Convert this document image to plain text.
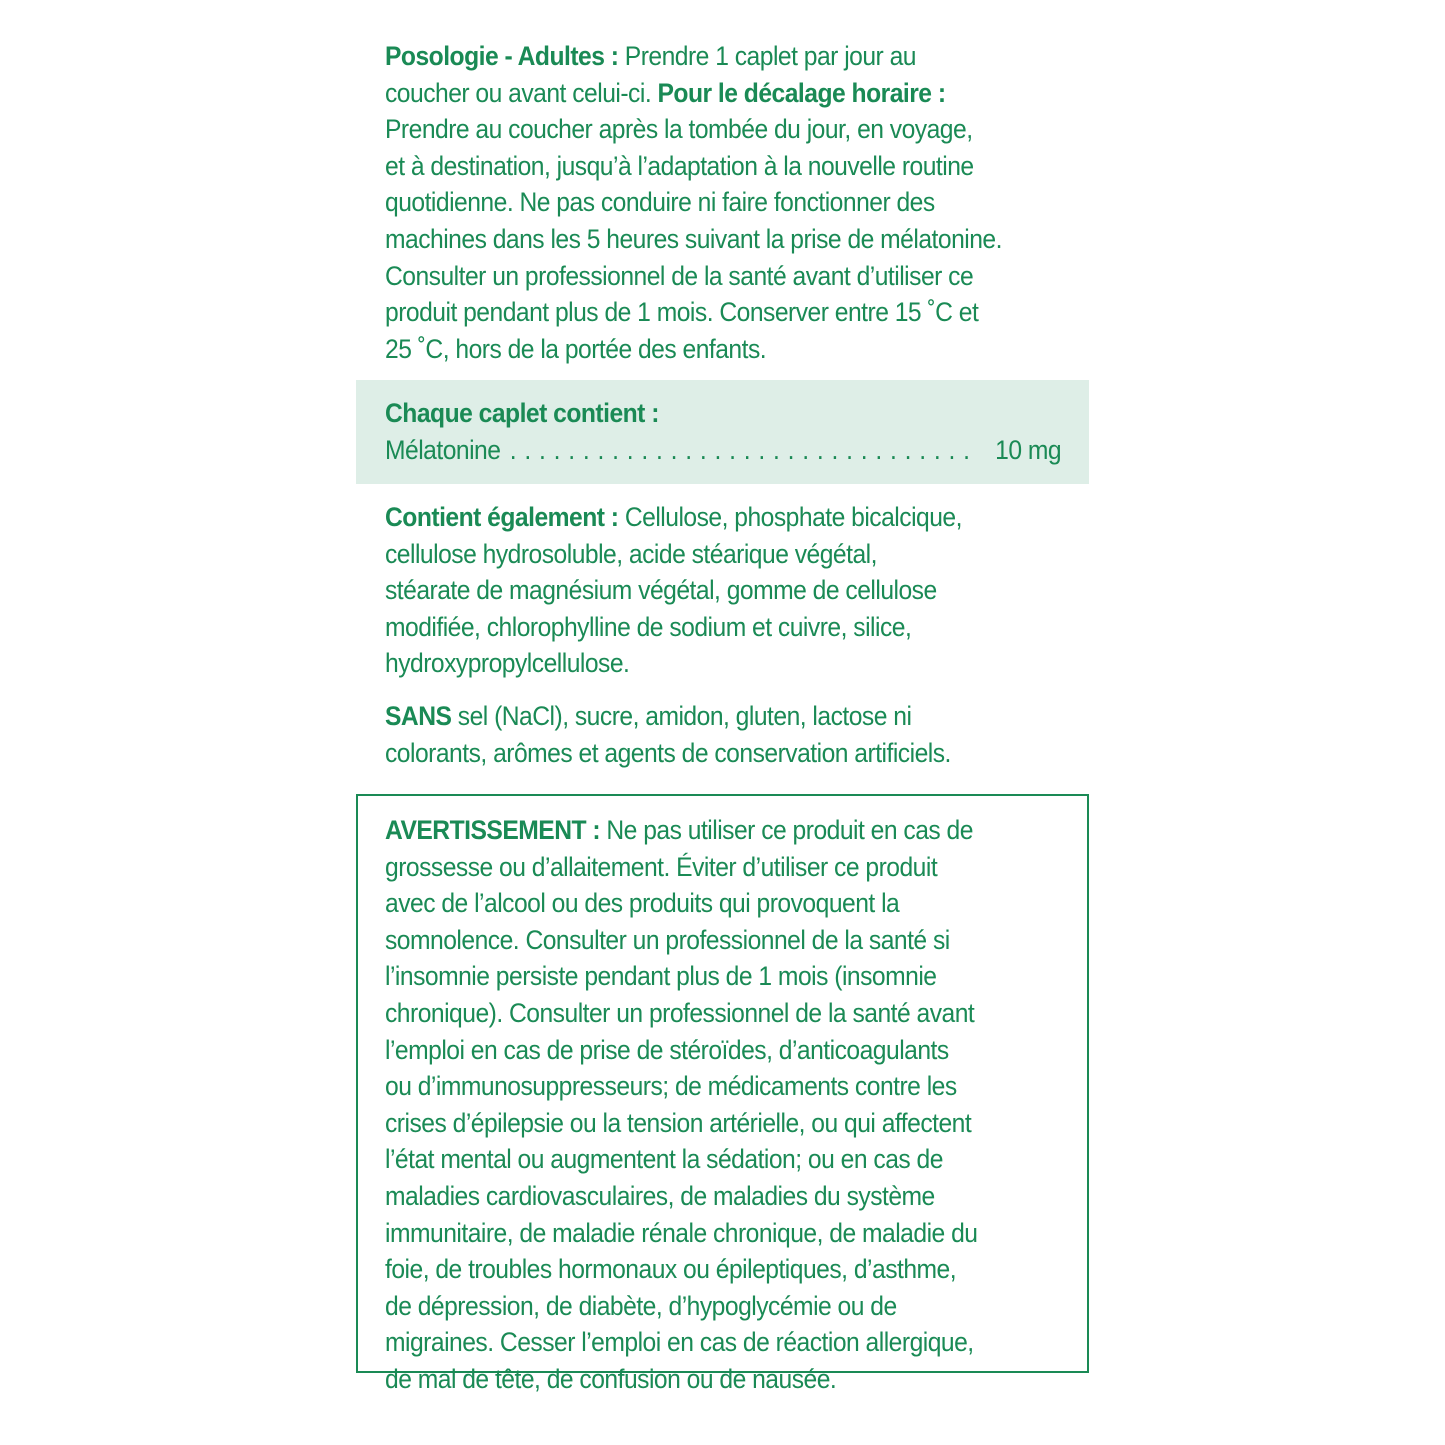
Posologie - Adultes : Prendre 1 caplet par jour au
coucher ou avant celui-ci. Pour le décalage horaire :
Prendre au coucher après la tombée du jour, en voyage,
et à destination, jusqu’à l’adaptation à la nouvelle routine
quotidienne. Ne pas conduire ni faire fonctionner des
machines dans les 5 heures suivant la prise de mélatonine.
Consulter un professionnel de la santé avant d’utiliser ce
produit pendant plus de 1 mois. Conserver entre 15 ˚C et
25 ˚C, hors de la portée des enfants.
Chaque caplet contient :
Mélatonine
. . .	10 mg
Contient également : Cellulose, phosphate bicalcique,
cellulose hydrosoluble, acide stéarique végétal,
stéarate de magnésium végétal, gomme de cellulose
modifiée, chlorophylline de sodium et cuivre, silice,
hydroxypropylcellulose.
SANS sel (NaCl), sucre, amidon, gluten, lactose ni
colorants, arômes et agents de conservation artificiels.
AVERTISSEMENT : Ne pas utiliser ce produit en cas de
grossesse ou d’allaitement. Éviter d’utiliser ce produit
avec de l’alcool ou des produits qui provoquent la
somnolence. Consulter un professionnel de la santé si
l’insomnie persiste pendant plus de 1 mois (insomnie
chronique). Consulter un professionnel de la santé avant
l’emploi en cas de prise de stéroïdes, d’anticoagulants
ou d’immunosuppresseurs; de médicaments contre les
crises d’épilepsie ou la tension artérielle, ou qui affectent
l’état mental ou augmentent la sédation; ou en cas de
maladies cardiovasculaires, de maladies du système
immunitaire, de maladie rénale chronique, de maladie du
foie, de troubles hormonaux ou épileptiques, d’asthme,
de dépression, de diabète, d’hypoglycémie ou de
migraines. Cesser l’emploi en cas de réaction allergique,
de mal de tête, de confusion ou de nausée.
